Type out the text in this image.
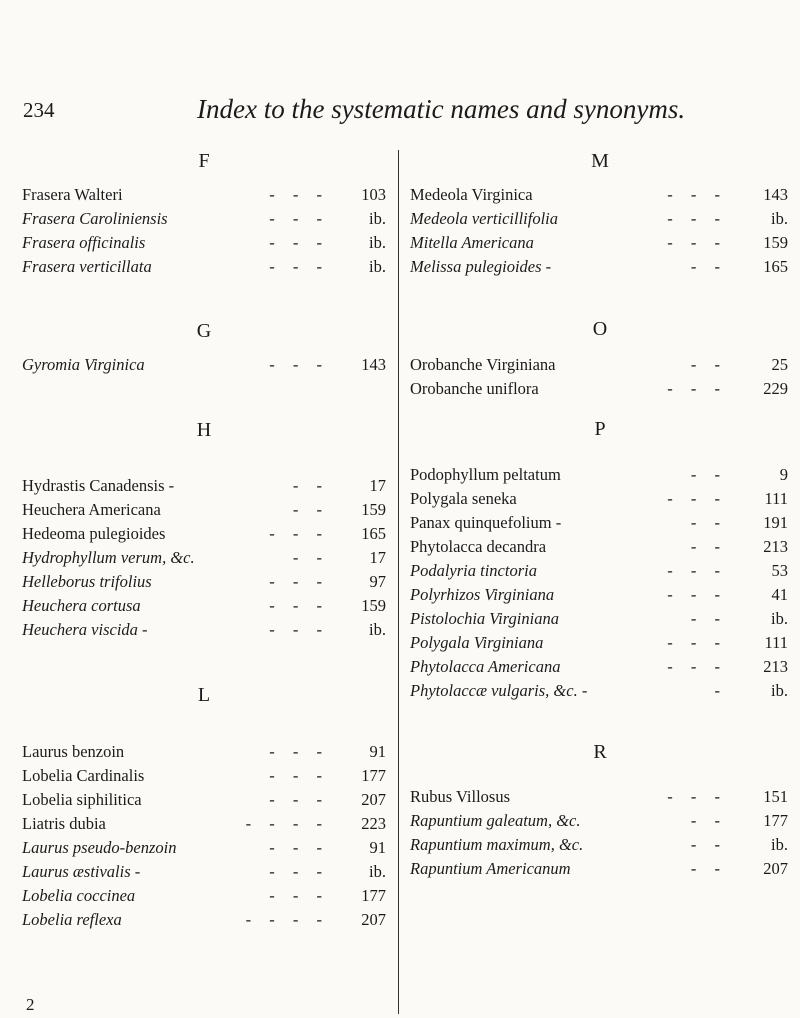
234	Index to the systematic names and synonyms.
F
Frasera Walteri	- - - 103
Frasera Caroliniensis	- - -	ib.
Frasera officinalis	- - -	ib.
Frasera verticillata	- - -	ib.
G
Gyromia Virginica	- - - 143
H
Hydrastis Canadensis -	- -	17
Heuchera Americana	- - 159
Hedeoma pulegioides	- - - 165
Hydrophyllum verum, &c.	- -	17
Helleborus trifolius	- - -	97
Heuchera cortusa	- - - 159
Heuchera viscida -	- - -	ib.
L
Laurus benzoin	- - -	91
Lobelia Cardinalis	- - - 177
Lobelia siphilitica	- - - 207
Liatris dubia	- - - - 223
Laurus pseudo-benzoin	- - -	91
Laurus æstivalis -	- - -	ib.
Lobelia coccinea	- - - 177
Lobelia reflexa	- - - - 207
M
Medeola Virginica	- - -	143
Medeola verticillifolia	- - -	ib.
Mitella Americana	- - -	159
Melissa pulegioides -	- -	165
O
Orobanche Virginiana	- -	25
Orobanche uniflora	- - -	229
P
Podophyllum peltatum	- -	9
Polygala seneka	- - -	111
Panax quinquefolium -	- -	191
Phytolacca decandra	- -	213
Podalyria tinctoria	- - -	53
Polyrhizos Virginiana	- - -	41
Pistolochia Virginiana	- -	ib.
Polygala Virginiana	- - -	111
Phytolacca Americana	- - -	213
Phytolaccæ vulgaris, &c. -	-	ib.
R
Rubus Villosus	- - -	151
Rapuntium galeatum, &c.	- -	177
Rapuntium maximum, &c.	- -	ib.
Rapuntium Americanum	- -	207
2
